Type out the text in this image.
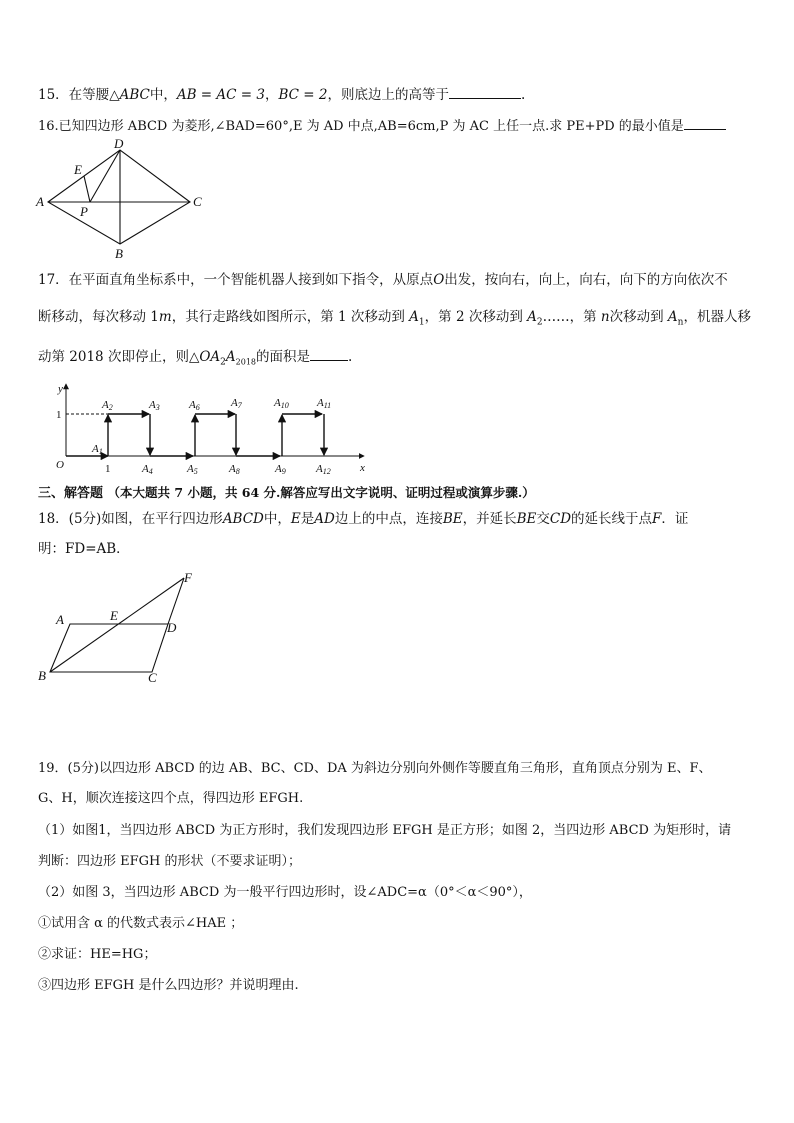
15．在等腰△ABC中，AB = AC = 3，BC = 2，则底边上的高等于	.
16.已知四边形 ABCD 为菱形,∠BAD=60°,E 为 AD 中点,AB=6cm,P 为 AC 上任一点.求 PE+PD 的最小值是
A
D
C
B
E
P
17．在平面直角坐标系中，一个智能机器人接到如下指令，从原点O出发，按向右，向上，向右，向下的方向依次不
断移动，每次移动 1m，其行走路线如图所示，第 1 次移动到 $A_1$，第 2 次移动到 $A_2\dots\dots$，第 n次移动到 $A_n$，机器人移
动第 2018 次即停止，则$\triangle OA_2A_{2018}$的面积是	.
y
x
O
1
1
A1
A2	A3	A6	A7	A10	A11
A4	A5	A8	A9	A12
三、解答题 （本大题共 7 小题，共 64 分.解答应写出文字说明、证明过程或演算步骤.）
18．(5分)如图，在平行四边形ABCD中，E是AD边上的中点，连接BE，并延长BE交CD的延长线于点F．证
明：FD=AB．
A	E
D
F
B	C
19．(5分)以四边形 ABCD 的边 AB、BC、CD、DA 为斜边分别向外侧作等腰直角三角形，直角顶点分别为 E、F、
G、H，顺次连接这四个点，得四边形 EFGH.
（1）如图1，当四边形 ABCD 为正方形时，我们发现四边形 EFGH 是正方形；如图 2，当四边形 ABCD 为矩形时，请
判断：四边形 EFGH 的形状（不要求证明）；
（2）如图 3，当四边形 ABCD 为一般平行四边形时，设∠ADC=α（0°＜α＜90°），
①试用含 α 的代数式表示∠HAE ；
②求证：HE=HG；
③四边形 EFGH 是什么四边形？并说明理由.
